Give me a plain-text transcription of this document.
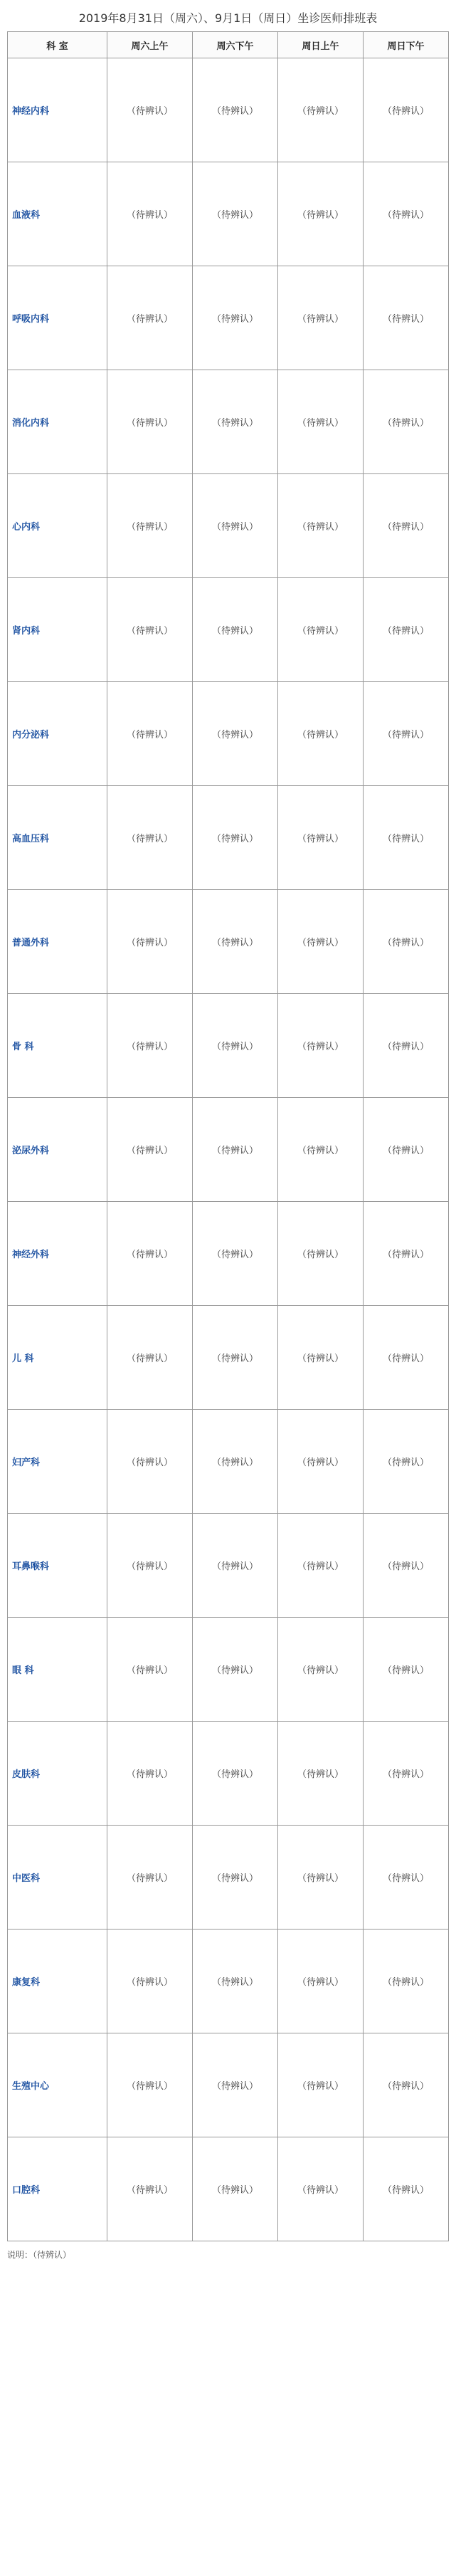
2019年8月31日（周六）、9月1日（周日）坐诊医师排班表
科 室	周六上午	周六下午	周日上午	周日下午
神经内科	（待辨认）	（待辨认）	（待辨认）	（待辨认）
血液科	（待辨认）	（待辨认）	（待辨认）	（待辨认）
呼吸内科	（待辨认）	（待辨认）	（待辨认）	（待辨认）
消化内科	（待辨认）	（待辨认）	（待辨认）	（待辨认）
心内科	（待辨认）	（待辨认）	（待辨认）	（待辨认）
肾内科	（待辨认）	（待辨认）	（待辨认）	（待辨认）
内分泌科	（待辨认）	（待辨认）	（待辨认）	（待辨认）
高血压科	（待辨认）	（待辨认）	（待辨认）	（待辨认）
普通外科	（待辨认）	（待辨认）	（待辨认）	（待辨认）
骨 科	（待辨认）	（待辨认）	（待辨认）	（待辨认）
泌尿外科	（待辨认）	（待辨认）	（待辨认）	（待辨认）
神经外科	（待辨认）	（待辨认）	（待辨认）	（待辨认）
儿 科	（待辨认）	（待辨认）	（待辨认）	（待辨认）
妇产科	（待辨认）	（待辨认）	（待辨认）	（待辨认）
耳鼻喉科	（待辨认）	（待辨认）	（待辨认）	（待辨认）
眼 科	（待辨认）	（待辨认）	（待辨认）	（待辨认）
皮肤科	（待辨认）	（待辨认）	（待辨认）	（待辨认）
中医科	（待辨认）	（待辨认）	（待辨认）	（待辨认）
康复科	（待辨认）	（待辨认）	（待辨认）	（待辨认）
生殖中心	（待辨认）	（待辨认）	（待辨认）	（待辨认）
口腔科	（待辨认）	（待辨认）	（待辨认）	（待辨认）
说明：（待辨认）
